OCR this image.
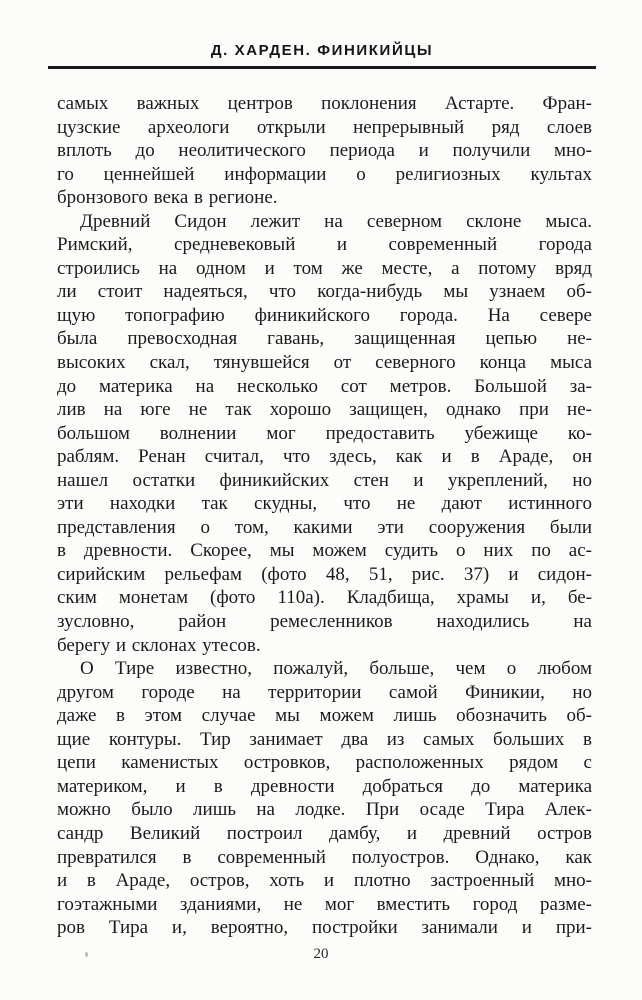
Д. ХАРДЕН. ФИНИКИЙЦЫ
самых важных центров поклонения Астарте. Фран-
цузские археологи открыли непрерывный ряд слоев
вплоть до неолитического периода и получили мно-
го ценнейшей информации о религиозных культах
бронзового века в регионе.
Древний Сидон лежит на северном склоне мыса.
Римский, средневековый и современный города
строились на одном и том же месте, а потому вряд
ли стоит надеяться, что когда-нибудь мы узнаем об-
щую топографию финикийского города. На севере
была превосходная гавань, защищенная цепью не-
высоких скал, тянувшейся от северного конца мыса
до материка на несколько сот метров. Большой за-
лив на юге не так хорошо защищен, однако при не-
большом волнении мог предоставить убежище ко-
раблям. Ренан считал, что здесь, как и в Араде, он
нашел остатки финикийских стен и укреплений, но
эти находки так скудны, что не дают истинного
представления о том, какими эти сооружения были
в древности. Скорее, мы можем судить о них по ас-
сирийским рельефам (фото 48, 51, рис. 37) и сидон-
ским монетам (фото 110а). Кладбища, храмы и, бе-
зусловно, район ремесленников находились на
берегу и склонах утесов.
О Тире известно, пожалуй, больше, чем о любом
другом городе на территории самой Финикии, но
даже в этом случае мы можем лишь обозначить об-
щие контуры. Тир занимает два из самых больших в
цепи каменистых островков, расположенных рядом с
материком, и в древности добраться до материка
можно было лишь на лодке. При осаде Тира Алек-
сандр Великий построил дамбу, и древний остров
превратился в современный полуостров. Однако, как
и в Араде, остров, хоть и плотно застроенный мно-
гоэтажными зданиями, не мог вместить город разме-
ров Тира и, вероятно, постройки занимали и при-
20
